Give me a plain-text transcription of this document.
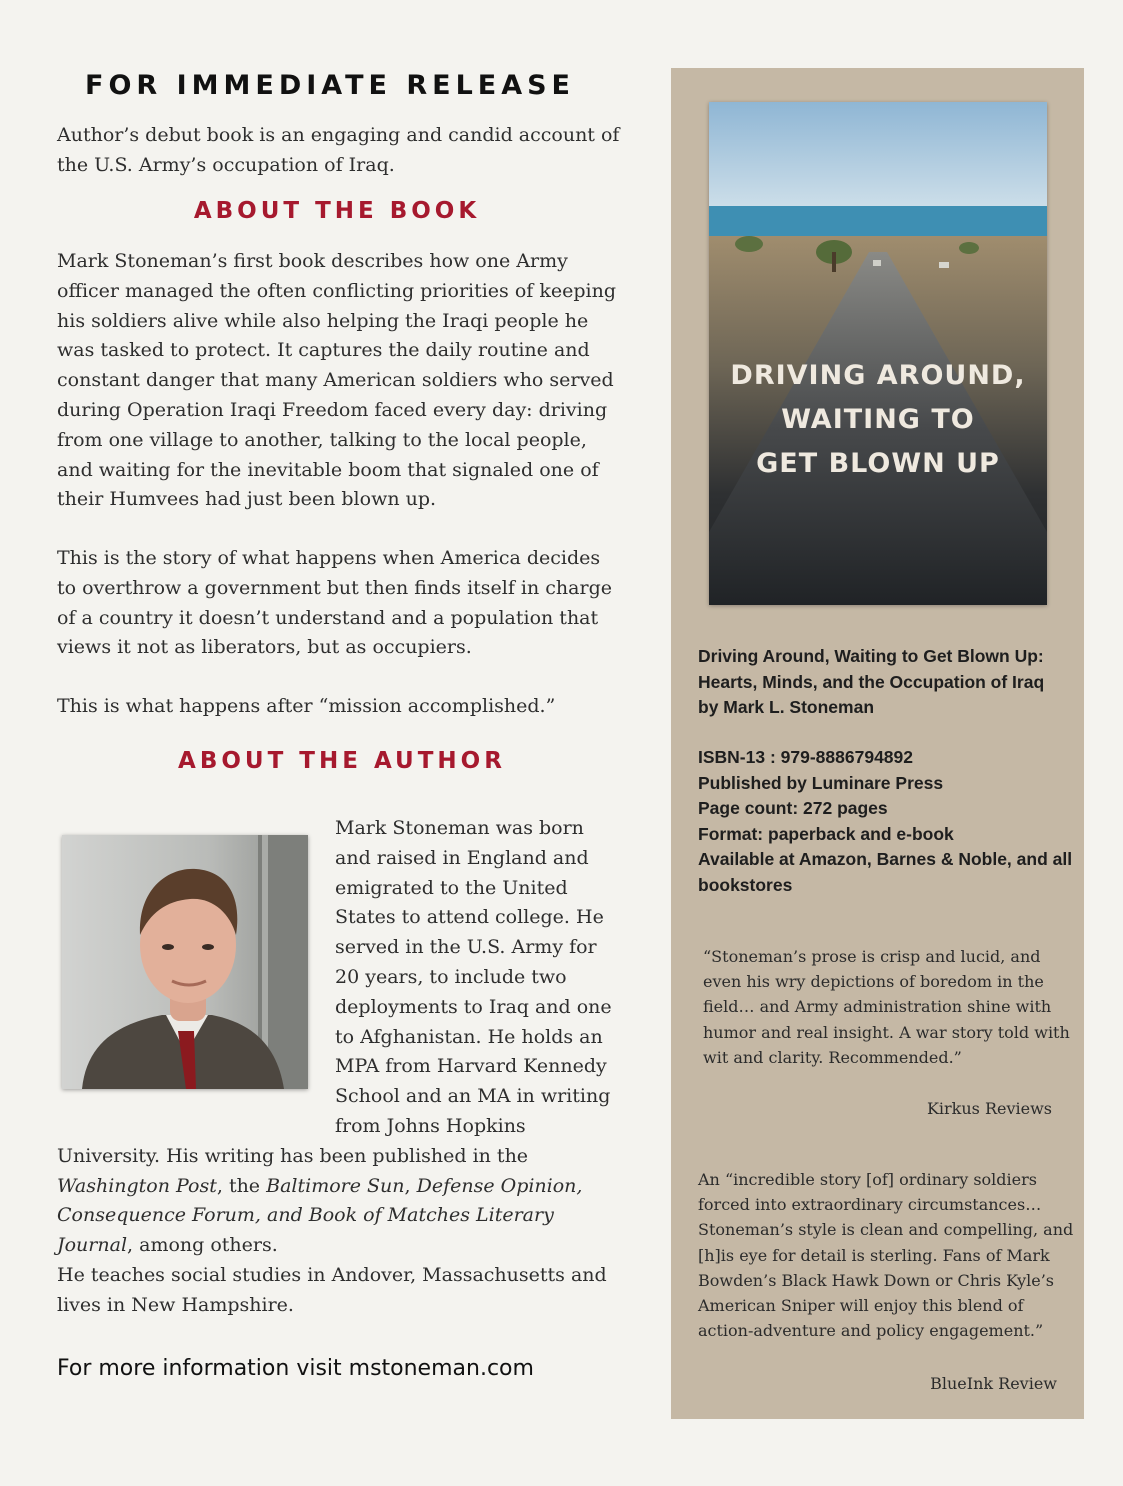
FOR IMMEDIATE RELEASE

Author’s debut book is an engaging and candid account of the U.S. Army’s occupation of Iraq.

ABOUT THE BOOK

Mark Stoneman’s first book describes how one Army officer managed the often conflicting priorities of keeping his soldiers alive while also helping the Iraqi people he was tasked to protect. It captures the daily routine and constant danger that many American soldiers who served during Operation Iraqi Freedom faced every day: driving from one village to another, talking to the local people, and waiting for the inevitable boom that signaled one of their Humvees had just been blown up.

This is the story of what happens when America decides to overthrow a government but then finds itself in charge of a country it doesn’t understand and a population that views it not as liberators, but as occupiers.

This is what happens after “mission accomplished.”

ABOUT THE AUTHOR
Mark Stoneman was born and raised in England and emigrated to the United States to attend college. He served in the U.S. Army for 20 years, to include two deployments to Iraq and one to Afghanistan. He holds an MPA from Harvard Kennedy School and an MA in writing from Johns Hopkins University. His writing has been published in the Washington Post, the Baltimore Sun, Defense Opinion, Consequence Forum, and Book of Matches Literary Journal, among others.

He teaches social studies in Andover, Massachusetts and lives in New Hampshire.

For more information visit mstoneman.com
DRIVING AROUND,
WAITING TO
GET BLOWN UP
Driving Around, Waiting to Get Blown Up:
Hearts, Minds, and the Occupation of Iraq
by Mark L. Stoneman
ISBN-13 : 979-8886794892
Published by Luminare Press
Page count: 272 pages
Format: paperback and e-book
Available at Amazon, Barnes & Noble, and all bookstores

“Stoneman’s prose is crisp and lucid, and even his wry depictions of boredom in the field… and Army administration shine with humor and real insight. A war story told with wit and clarity. Recommended.”

Kirkus Reviews

An “incredible story [of] ordinary soldiers forced into extraordinary circumstances… Stoneman’s style is clean and compelling, and [h]is eye for detail is sterling. Fans of Mark Bowden’s Black Hawk Down or Chris Kyle’s American Sniper will enjoy this blend of action-adventure and policy engagement.”

BlueInk Review
